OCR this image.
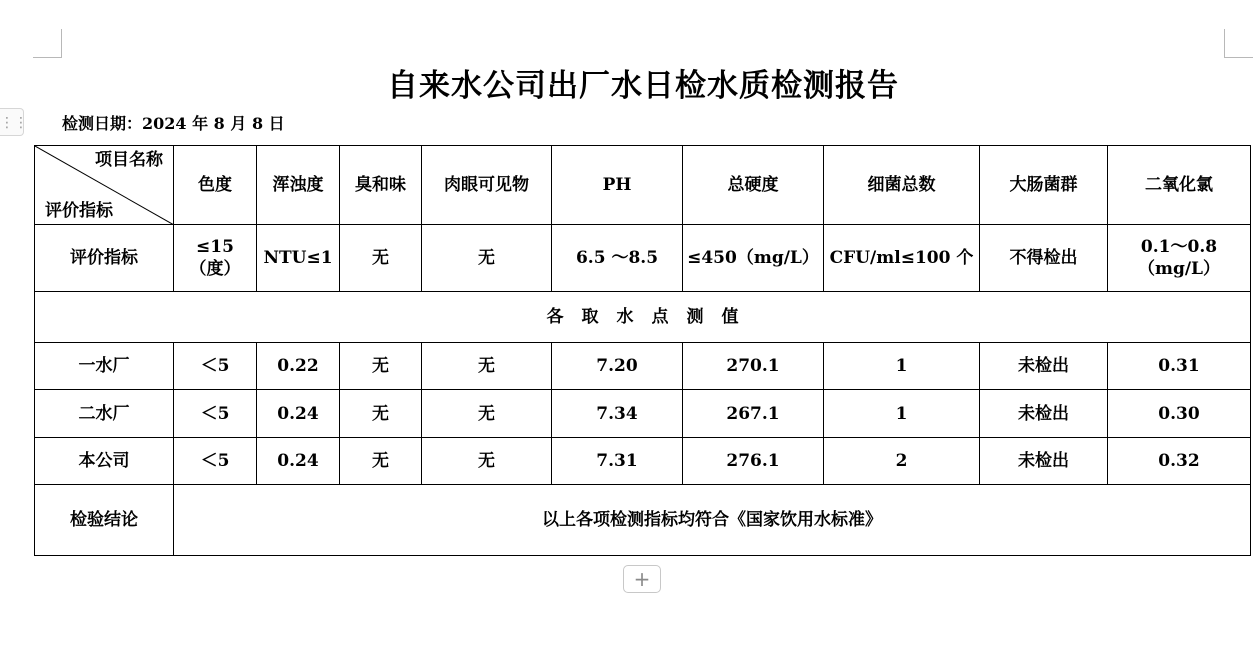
⋮⋮
自来水公司出厂水日检水质检测报告
检测日期：2024 年 8 月 8 日
项目名称
评价指标	色度	浑浊度	臭和味	肉眼可见物	PH	总硬度	细菌总数	大肠菌群	二氧化氯
评价指标	≤15（度）	NTU≤1	无	无	6.5 ～8.5	≤450（mg/L）	CFU/ml≤100 个	不得检出	0.1～0.8（mg/L）
各取水点测值									
一水厂	＜5	0.22	无	无	7.20	270.1	1	未检出	0.31
二水厂	＜5	0.24	无	无	7.34	267.1	1	未检出	0.30
本公司	＜5	0.24	无	无	7.31	276.1	2	未检出	0.32
检验结论	以上各项检测指标均符合《国家饮用水标准》								
+
